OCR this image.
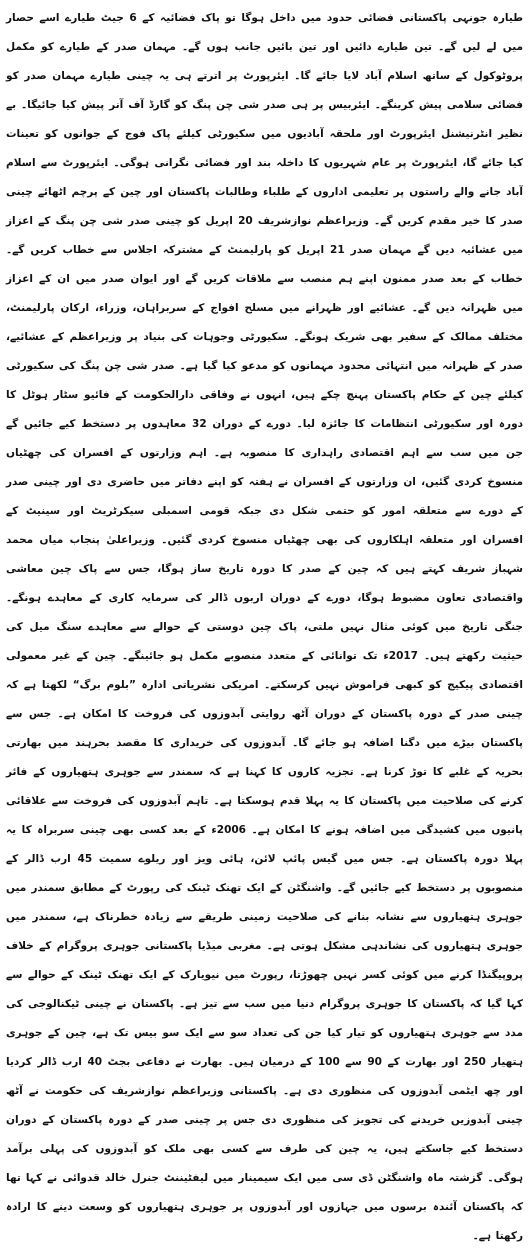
طیارہ جونہی پاکستانی فضائی حدود میں داخل ہوگا تو پاک فضائیہ کے 6 جیٹ طیارے اسے حصار میں لے لیں گے۔ تین طیارے دائیں اور تین بائیں جانب ہوں گے۔ مہمان صدر کے طیارے کو مکمل پروٹوکول کے ساتھ اسلام آباد لایا جائے گا۔ ایئرپورٹ پر اترتے ہی یہ چینی طیارے مہمان صدر کو فضائی سلامی پیش کرینگے۔ ایئربیس پر ہی صدر شی چن پنگ کو گارڈ آف آنر پیش کیا جائیگا۔ بے نظیر انٹرنیشنل ایئرپورٹ اور ملحقہ آبادیوں میں سکیورٹی کیلئے پاک فوج کے جوانوں کو تعینات کیا جائے گا، ایئرپورٹ پر عام شہریوں کا داخلہ بند اور فضائی نگرانی ہوگی۔ ایئرپورٹ سے اسلام آباد جانے والے راستوں پر تعلیمی اداروں کے طلباء وطالبات پاکستان اور چین کے پرچم اٹھائے چینی صدر کا خیر مقدم کریں گے۔ وزیراعظم نوازشریف 20 اپریل کو چینی صدر شی چن پنگ کے اعزاز میں عشائیہ دیں گے مہمان صدر 21 اپریل کو پارلیمنٹ کے مشترکہ اجلاس سے خطاب کریں گے۔ خطاب کے بعد صدر ممنون اپنے ہم منصب سے ملاقات کریں گے اور ایوان صدر میں ان کے اعزاز میں ظہرانہ دیں گے۔ عشائیے اور ظہرانے میں مسلح افواج کے سربراہان، وزراء، ارکان پارلیمنٹ، مختلف ممالک کے سفیر بھی شریک ہونگے۔ سکیورٹی وجوہات کی بنیاد پر وزیراعظم کے عشائیے، صدر کے ظہرانہ میں انتہائی محدود مہمانوں کو مدعو کیا گیا ہے۔ صدر شی چن پنگ کی سکیورٹی کیلئے چین کے حکام پاکستان پہنچ چکے ہیں، انہوں نے وفاقی دارالحکومت کے فائیو سٹار ہوٹل کا دورہ اور سکیورٹی انتظامات کا جائزہ لیا۔ دورے کے دوران 32 معاہدوں پر دستخط کیے جائیں گے جن میں سب سے اہم اقتصادی راہداری کا منصوبہ ہے۔ اہم وزارتوں کے افسران کی چھٹیاں منسوخ کردی گئیں، ان وزارتوں کے افسران نے ہفتہ کو اپنے دفاتر میں حاضری دی اور چینی صدر کے دورے سے متعلقہ امور کو حتمی شکل دی جبکہ قومی اسمبلی سیکرٹریٹ اور سینیٹ کے افسران اور متعلقہ اہلکاروں کی بھی چھٹیاں منسوخ کردی گئیں۔ وزیراعلیٰ پنجاب میاں محمد شہباز شریف کہتے ہیں کہ چین کے صدر کا دورہ تاریخ ساز ہوگا، جس سے پاک چین معاشی واقتصادی تعاون مضبوط ہوگا، دورے کے دوران اربوں ڈالر کی سرمایہ کاری کے معاہدے ہونگے۔ جنگی تاریخ میں کوئی مثال نہیں ملتی، پاک چین دوستی کے حوالے سے معاہدے سنگ میل کی حیثیت رکھتے ہیں۔ 2017ء تک توانائی کے متعدد منصوبے مکمل ہو جائینگے۔ چین کے غیر معمولی اقتصادی پیکیج کو کبھی فراموش نہیں کرسکتے۔ امریکی نشریاتی ادارہ ”بلوم برگ“ لکھتا ہے کہ چینی صدر کے دورہ پاکستان کے دوران آٹھ روایتی آبدوزوں کی فروخت کا امکان ہے۔ جس سے پاکستان بیڑے میں دگنا اضافہ ہو جائے گا۔ آبدوزوں کی خریداری کا مقصد بحرہند میں بھارتی بحریہ کے غلبے کا توڑ کرنا ہے۔ تجزیہ کاروں کا کہنا ہے کہ سمندر سے جوہری ہتھیاروں کے فائر کرنے کی صلاحیت میں پاکستان کا یہ پہلا قدم ہوسکتا ہے۔ تاہم آبدوزوں کی فروخت سے علاقائی پانیوں میں کشیدگی میں اضافہ ہونے کا امکان ہے۔ 2006ء کے بعد کسی بھی چینی سربراہ کا یہ پہلا دورہ پاکستان ہے۔ جس میں گیس پائپ لائن، ہائی ویز اور ریلوے سمیت 45 ارب ڈالر کے منصوبوں پر دستخط کیے جائیں گے۔ واشنگٹن کے ایک تھنک ٹینک کی رپورٹ کے مطابق سمندر میں جوہری ہتھیاروں سے نشانہ بنانے کی صلاحیت زمینی طریقے سے زیادہ خطرناک ہے، سمندر میں جوہری ہتھیاروں کی نشاندہی مشکل ہوتی ہے۔ مغربی میڈیا پاکستانی جوہری پروگرام کے خلاف پروپیگنڈا کرنے میں کوئی کسر نہیں چھوڑتا، رپورٹ میں نیویارک کے ایک تھنک ٹینک کے حوالے سے کہا گیا کہ پاکستان کا جوہری پروگرام دنیا میں سب سے تیز ہے۔ پاکستان نے چینی ٹیکنالوجی کی مدد سے جوہری ہتھیاروں کو تیار کیا جن کی تعداد سو سے ایک سو بیس تک ہے، چین کے جوہری ہتھیار 250 اور بھارت کے 90 سے 100 کے درمیان ہیں۔ بھارت نے دفاعی بجٹ 40 ارب ڈالر کردیا اور چھ ایٹمی آبدوزوں کی منظوری دی ہے۔ پاکستانی وزیراعظم نوازشریف کی حکومت نے آٹھ چینی آبدوزیں خریدنے کی تجویز کی منظوری دی جس پر چینی صدر کے دورہ پاکستان کے دوران دستخط کیے جاسکتے ہیں، یہ چین کی طرف سے کسی بھی ملک کو آبدوزوں کی پہلی برآمد ہوگی۔ گزشتہ ماہ واشنگٹن ڈی سی میں ایک سیمینار میں لیفٹیننٹ جنرل خالد قدوائی نے کہا تھا کہ پاکستان آئندہ برسوں میں جہازوں اور آبدوزوں پر جوہری ہتھیاروں کو وسعت دینے کا ارادہ رکھتا ہے۔
